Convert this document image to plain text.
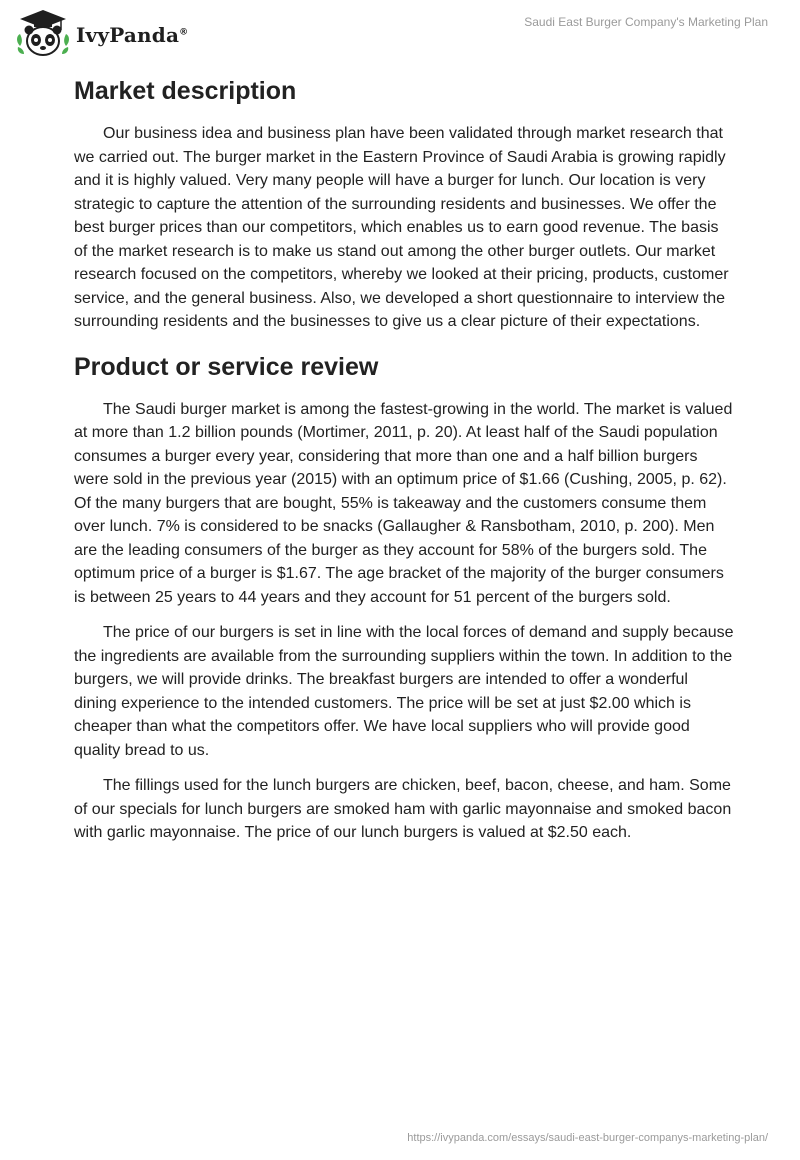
IvyPanda®
Saudi East Burger Company's Marketing Plan
Market description

Our business idea and business plan have been validated through market research that we carried out. The burger market in the Eastern Province of Saudi Arabia is growing rapidly and it is highly valued. Very many people will have a burger for lunch. Our location is very strategic to capture the attention of the surrounding residents and businesses. We offer the best burger prices than our competitors, which enables us to earn good revenue. The basis of the market research is to make us stand out among the other burger outlets. Our market research focused on the competitors, whereby we looked at their pricing, products, customer service, and the general business. Also, we developed a short questionnaire to interview the surrounding residents and the businesses to give us a clear picture of their expectations.

Product or service review

The Saudi burger market is among the fastest-growing in the world. The market is valued at more than 1.2 billion pounds (Mortimer, 2011, p. 20). At least half of the Saudi population consumes a burger every year, considering that more than one and a half billion burgers were sold in the previous year (2015) with an optimum price of $1.66 (Cushing, 2005, p. 62). Of the many burgers that are bought, 55% is takeaway and the customers consume them over lunch. 7% is considered to be snacks (Gallaugher & Ransbotham, 2010, p. 200). Men are the leading consumers of the burger as they account for 58% of the burgers sold. The optimum price of a burger is $1.67. The age bracket of the majority of the burger consumers is between 25 years to 44 years and they account for 51 percent of the burgers sold.

The price of our burgers is set in line with the local forces of demand and supply because the ingredients are available from the surrounding suppliers within the town. In addition to the burgers, we will provide drinks. The breakfast burgers are intended to offer a wonderful dining experience to the intended customers. The price will be set at just $2.00 which is cheaper than what the competitors offer. We have local suppliers who will provide good quality bread to us.

The fillings used for the lunch burgers are chicken, beef, bacon, cheese, and ham. Some of our specials for lunch burgers are smoked ham with garlic mayonnaise and smoked bacon with garlic mayonnaise. The price of our lunch burgers is valued at $2.50 each.

https://ivypanda.com/essays/saudi-east-burger-companys-marketing-plan/
